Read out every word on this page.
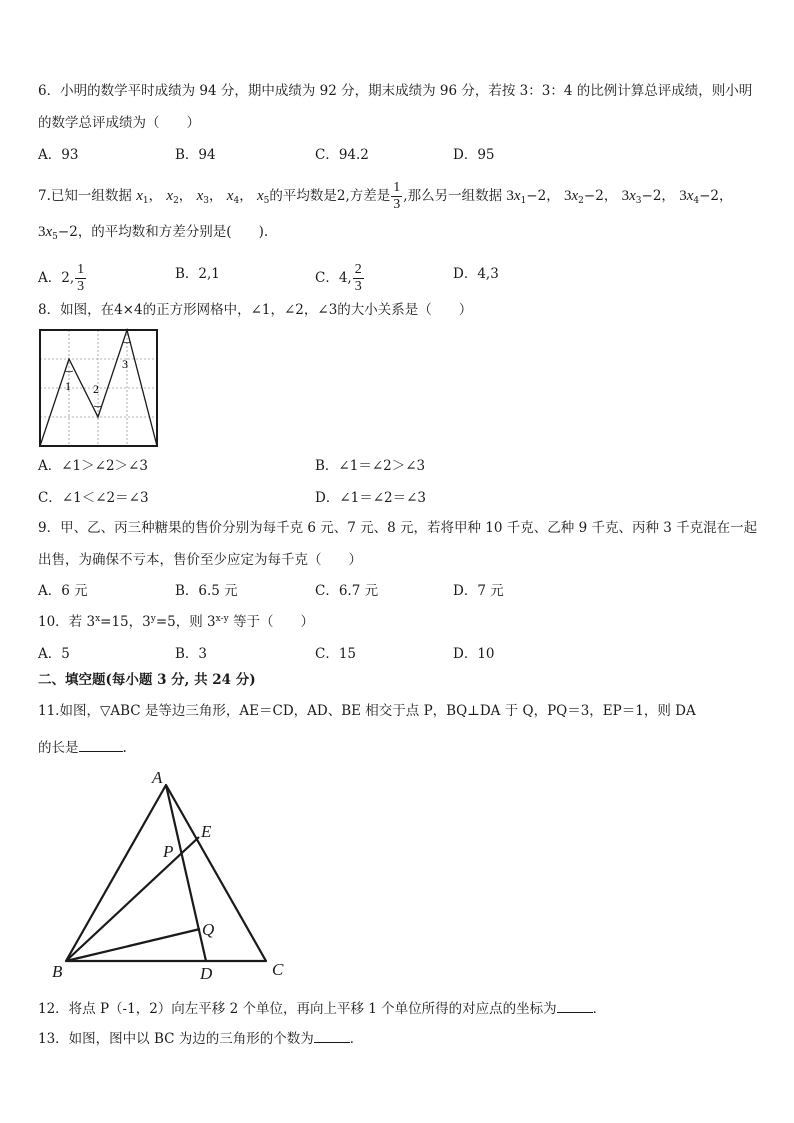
6．小明的数学平时成绩为 94 分，期中成绩为 92 分，期末成绩为 96 分，若按 3：3：4 的比例计算总评成绩，则小明
的数学总评成绩为（　　）
A．93	B．94	C．94.2	D．95
7.已知一组数据 $x_1$， $x_2$， $x_3$， $x_4$， $x_5$的平均数是2,方差是 $\frac{1}{3}$ ,那么另一组数据 $3x_1-2$， $3x_2-2$， $3x_3-2$， $3x_4-2$，
$3x_5-2$，的平均数和方差分别是(　　).
A．2, $\frac{1}{3}$	B．2,1	C．4, $\frac{2}{3}$	D．4,3
8．如图，在4×4的正方形网格中，∠1，∠2，∠3的大小关系是（　　）
1 2
3
A．∠1＞∠2＞∠3	B．∠1＝∠2＞∠3
C．∠1＜∠2＝∠3	D．∠1＝∠2＝∠3
9．甲、乙、丙三种糖果的售价分别为每千克 6 元、7 元、8 元，若将甲种 10 千克、乙种 9 千克、丙种 3 千克混在一起
出售，为确保不亏本，售价至少应定为每千克（　　）
A．6 元	B．6.5 元	C．6.7 元	D．7 元
10．若 $3^x=15$，$3^y=5$，则 3$^{x-y}$ 等于（　　）
A．5	B．3	C．15	D．10
二、填空题(每小题 3 分, 共 24 分)
11.如图，▽ABC 是等边三角形，AE＝CD，AD、BE 相交于点 P，BQ⊥DA 于 Q，PQ＝3，EP＝1，则 DA
的长是	.
A
E
P
Q
B	D	C
12．将点 P（-1，2）向左平移 2 个单位，再向上平移 1 个单位所得的对应点的坐标为	．
13．如图，图中以 BC 为边的三角形的个数为	．
